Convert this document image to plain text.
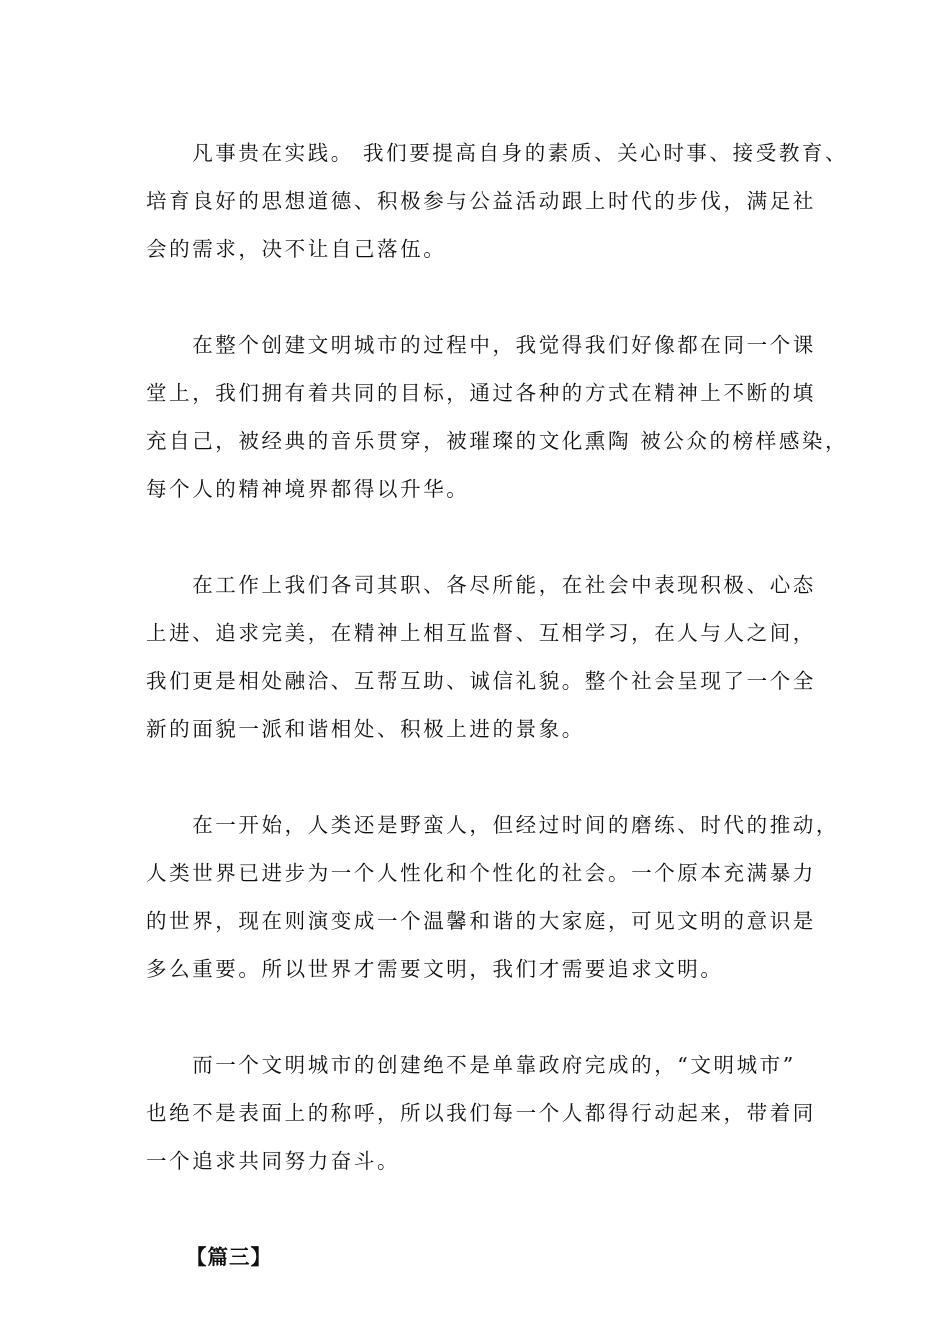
　　凡事贵在实践。 我们要提高自身的素质、关心时事、接受教育、
培育良好的思想道德、积极参与公益活动跟上时代的步伐，满足社
会的需求，决不让自己落伍。
　　在整个创建文明城市的过程中，我觉得我们好像都在同一个课
堂上，我们拥有着共同的目标，通过各种的方式在精神上不断的填
充自己，被经典的音乐贯穿，被璀璨的文化熏陶 被公众的榜样感染，
每个人的精神境界都得以升华。
　　在工作上我们各司其职、各尽所能，在社会中表现积极、心态
上进、追求完美，在精神上相互监督、互相学习，在人与人之间，
我们更是相处融洽、互帮互助、诚信礼貌。整个社会呈现了一个全
新的面貌一派和谐相处、积极上进的景象。
　　在一开始，人类还是野蛮人，但经过时间的磨练、时代的推动，
人类世界已进步为一个人性化和个性化的社会。一个原本充满暴力
的世界，现在则演变成一个温馨和谐的大家庭，可见文明的意识是
多么重要。所以世界才需要文明，我们才需要追求文明。
　　而一个文明城市的创建绝不是单靠政府完成的，“文明城市”
也绝不是表面上的称呼，所以我们每一个人都得行动起来，带着同
一个追求共同努力奋斗。
【篇三】
